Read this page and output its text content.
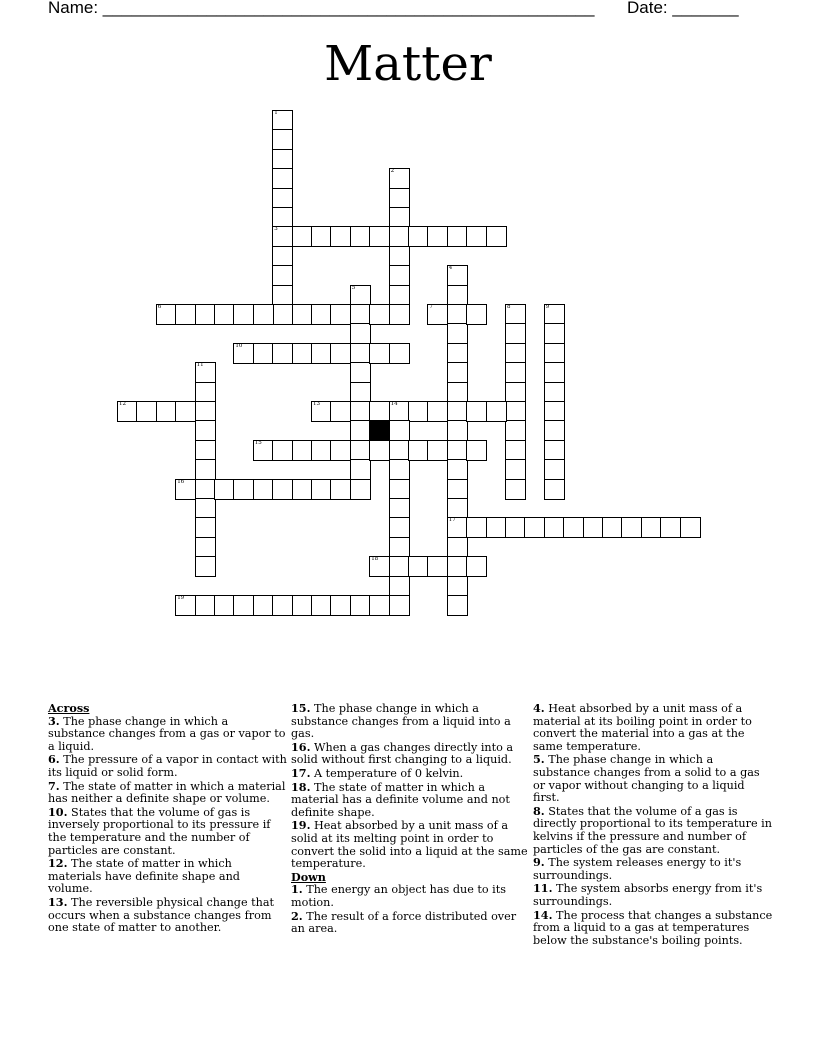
Name: ____________________________________________________ Date: _______
Matter
1
3
2
4
17
5
6	7	8	9
10
11
12	13	14
15
16
18
19
Across
3. The phase change in which a substance changes from a gas or vapor to a liquid.
6. The pressure of a vapor in contact with its liquid or solid form.
7. The state of matter in which a material has neither a definite shape or volume.
10. States that the volume of gas is inversely proportional to its pressure if the temperature and the number of particles are constant.
12. The state of matter in which materials have definite shape and volume.
13. The reversible physical change that occurs when a substance changes from one state of matter to another.
15. The phase change in which a substance changes from a liquid into a gas.
16. When a gas changes directly into a solid without first changing to a liquid.
17. A temperature of 0 kelvin.
18. The state of matter in which a material has a definite volume and not definite shape.
19. Heat absorbed by a unit mass of a solid at its melting point in order to convert the solid into a liquid at the same temperature.
Down
1. The energy an object has due to its motion.
2. The result of a force distributed over an area.
4. Heat absorbed by a unit mass of a material at its boiling point in order to convert the material into a gas at the same temperature.
5. The phase change in which a substance changes from a solid to a gas or vapor without changing to a liquid first.
8. States that the volume of a gas is directly proportional to its temperature in kelvins if the pressure and number of particles of the gas are constant.
9. The system releases energy to it's surroundings.
11. The system absorbs energy from it's surroundings.
14. The process that changes a substance from a liquid to a gas at temperatures below the substance's boiling points.
